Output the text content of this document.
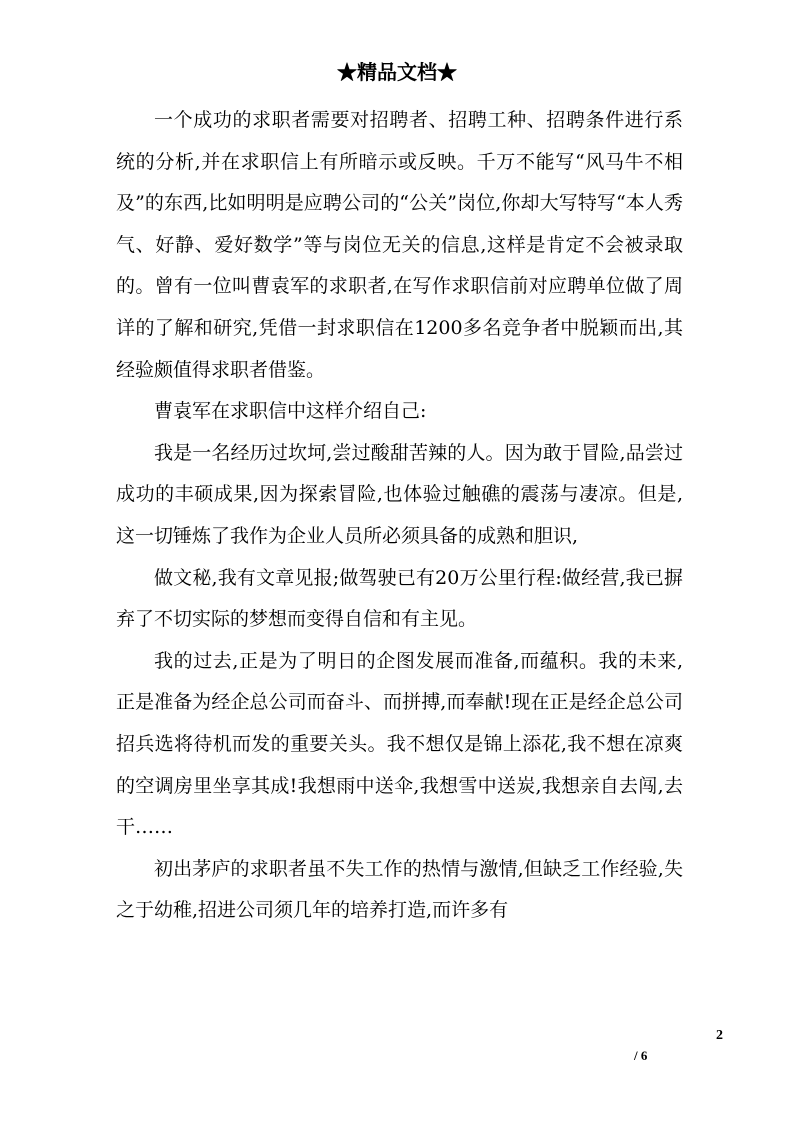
★精品文档★

一个成功的求职者需要对招聘者、招聘工种、招聘条件进行系统的分析,并在求职信上有所暗示或反映。千万不能写“风马牛不相及”的东西,比如明明是应聘公司的“公关”岗位,你却大写特写“本人秀气、好静、爱好数学”等与岗位无关的信息,这样是肯定不会被录取的。曾有一位叫曹袁军的求职者,在写作求职信前对应聘单位做了周详的了解和研究,凭借一封求职信在1200多名竞争者中脱颖而出,其经验颇值得求职者借鉴。

曹袁军在求职信中这样介绍自己:

我是一名经历过坎坷,尝过酸甜苦辣的人。因为敢于冒险,品尝过成功的丰硕成果,因为探索冒险,也体验过触礁的震荡与凄凉。但是,这一切锤炼了我作为企业人员所必须具备的成熟和胆识,

做文秘,我有文章见报;做驾驶已有20万公里行程:做经营,我已摒弃了不切实际的梦想而变得自信和有主见。

我的过去,正是为了明日的企图发展而准备,而蕴积。我的未来,正是准备为经企总公司而奋斗、而拼搏,而奉献!现在正是经企总公司招兵选将待机而发的重要关头。我不想仅是锦上添花,我不想在凉爽的空调房里坐享其成!我想雨中送伞,我想雪中送炭,我想亲自去闯,去干……

初出茅庐的求职者虽不失工作的热情与激情,但缺乏工作经验,失之于幼稚,招进公司须几年的培养打造,而许多有

2
/ 6
